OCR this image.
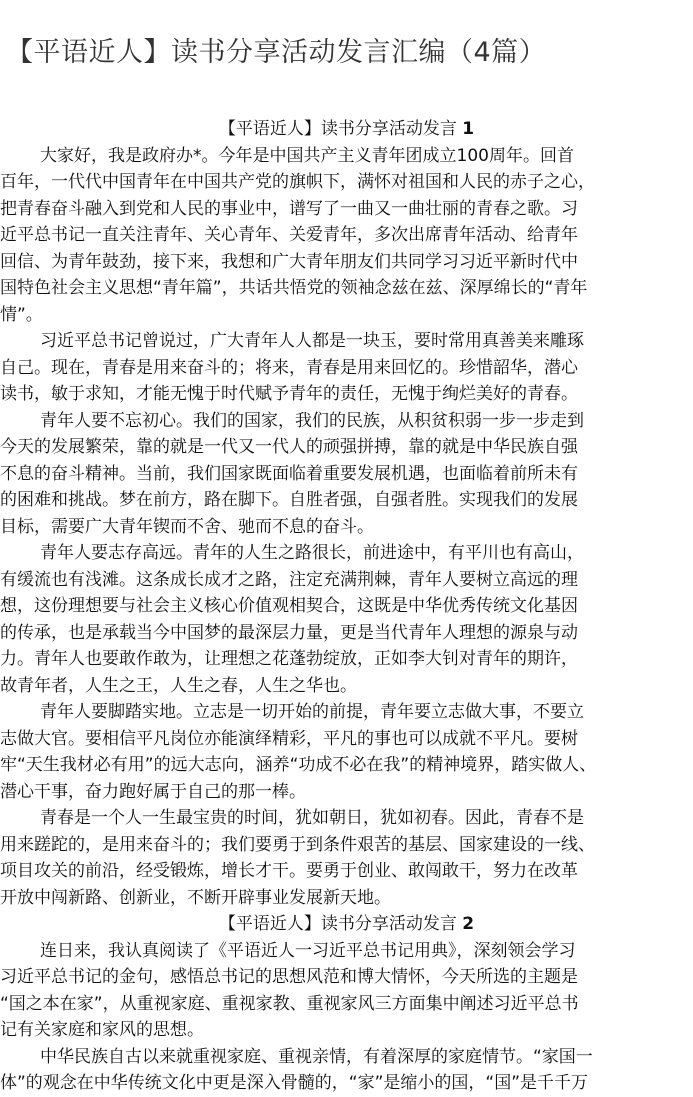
【平语近人】读书分享活动发言汇编（4篇）
【平语近人】读书分享活动发言 1
大家好，我是政府办*。今年是中国共产主义青年团成立100周年。回首
百年，一代代中国青年在中国共产党的旗帜下，满怀对祖国和人民的赤子之心，
把青春奋斗融入到党和人民的事业中，谱写了一曲又一曲壮丽的青春之歌。习
近平总书记一直关注青年、关心青年、关爱青年，多次出席青年活动、给青年
回信、为青年鼓劲，接下来，我想和广大青年朋友们共同学习习近平新时代中
国特色社会主义思想“青年篇”，共话共悟党的领袖念兹在兹、深厚绵长的“青年
情”。
习近平总书记曾说过，广大青年人人都是一块玉，要时常用真善美来雕琢
自己。现在，青春是用来奋斗的；将来，青春是用来回忆的。珍惜韶华，潜心
读书，敏于求知，才能无愧于时代赋予青年的责任，无愧于绚烂美好的青春。
青年人要不忘初心。我们的国家，我们的民族，从积贫积弱一步一步走到
今天的发展繁荣，靠的就是一代又一代人的顽强拼搏，靠的就是中华民族自强
不息的奋斗精神。当前，我们国家既面临着重要发展机遇，也面临着前所未有
的困难和挑战。梦在前方，路在脚下。自胜者强，自强者胜。实现我们的发展
目标，需要广大青年锲而不舍、驰而不息的奋斗。
青年人要志存高远。青年的人生之路很长，前进途中，有平川也有高山，
有缓流也有浅滩。这条成长成才之路，注定充满荆棘，青年人要树立高远的理
想，这份理想要与社会主义核心价值观相契合，这既是中华优秀传统文化基因
的传承，也是承载当今中国梦的最深层力量，更是当代青年人理想的源泉与动
力。青年人也要敢作敢为，让理想之花蓬勃绽放，正如李大钊对青年的期许，
故青年者，人生之王，人生之春，人生之华也。
青年人要脚踏实地。立志是一切开始的前提，青年要立志做大事，不要立
志做大官。要相信平凡岗位亦能演绎精彩，平凡的事也可以成就不平凡。要树
牢“天生我材必有用”的远大志向，涵养“功成不必在我”的精神境界，踏实做人、
潜心干事，奋力跑好属于自己的那一棒。
青春是一个人一生最宝贵的时间，犹如朝日，犹如初春。因此，青春不是
用来蹉跎的，是用来奋斗的；我们要勇于到条件艰苦的基层、国家建设的一线、
项目攻关的前沿，经受锻炼，增长才干。要勇于创业、敢闯敢干，努力在改革
开放中闯新路、创新业，不断开辟事业发展新天地。
【平语近人】读书分享活动发言 2
连日来，我认真阅读了《平语近人一习近平总书记用典》，深刻领会学习
习近平总书记的金句，感悟总书记的思想风范和博大情怀，今天所选的主题是
“国之本在家”，从重视家庭、重视家教、重视家风三方面集中阐述习近平总书
记有关家庭和家风的思想。
中华民族自古以来就重视家庭、重视亲情，有着深厚的家庭情节。“家国一
体”的观念在中华传统文化中更是深入骨髓的，“家”是缩小的国，“国”是千千万
